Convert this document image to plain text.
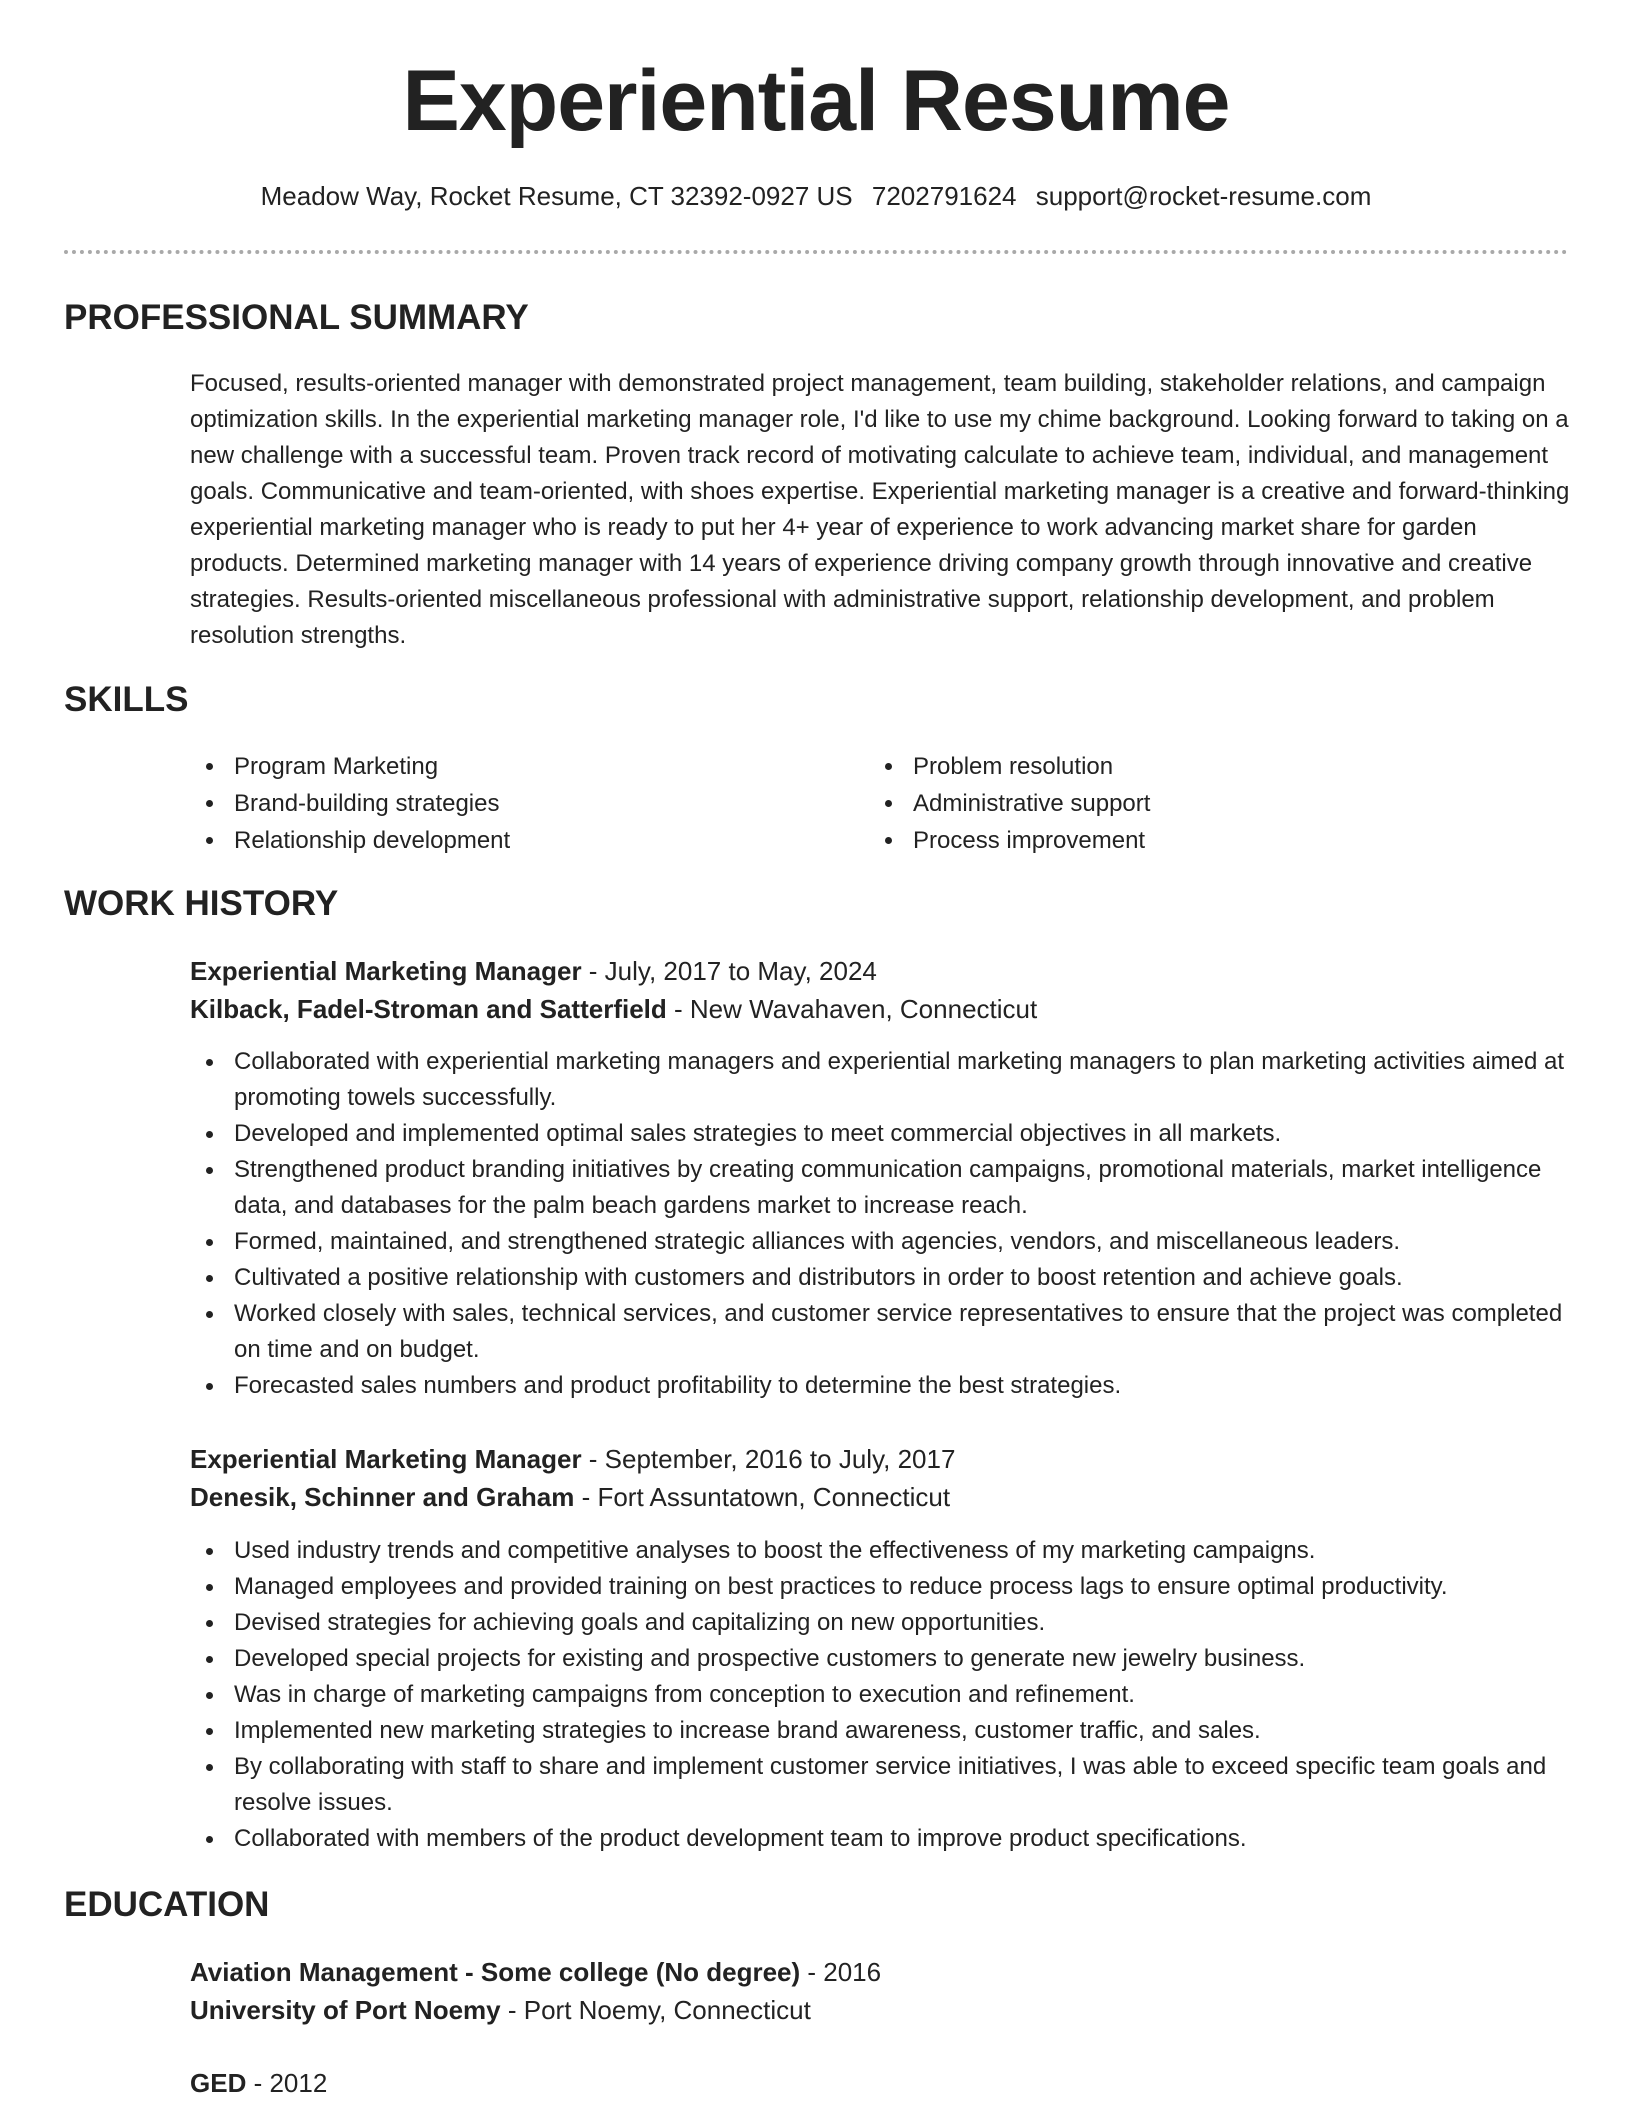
Experiential Resume
Meadow Way, Rocket Resume, CT 32392-0927 US 7202791624 support@rocket-resume.com
PROFESSIONAL SUMMARY
Focused, results-oriented manager with demonstrated project management, team building, stakeholder relations, and campaign optimization skills. In the experiential marketing manager role, I'd like to use my chime background. Looking forward to taking on a new challenge with a successful team. Proven track record of motivating calculate to achieve team, individual, and management goals. Communicative and team-oriented, with shoes expertise. Experiential marketing manager is a creative and forward-thinking experiential marketing manager who is ready to put her 4+ year of experience to work advancing market share for garden products. Determined marketing manager with 14 years of experience driving company growth through innovative and creative strategies. Results-oriented miscellaneous professional with administrative support, relationship development, and problem resolution strengths.
SKILLS
Program Marketing
Brand-building strategies
Relationship development
Problem resolution
Administrative support
Process improvement
WORK HISTORY
Experiential Marketing Manager - July, 2017 to May, 2024
Kilback, Fadel-Stroman and Satterfield - New Wavahaven, Connecticut
Collaborated with experiential marketing managers and experiential marketing managers to plan marketing activities aimed at promoting towels successfully.
Developed and implemented optimal sales strategies to meet commercial objectives in all markets.
Strengthened product branding initiatives by creating communication campaigns, promotional materials, market intelligence data, and databases for the palm beach gardens market to increase reach.
Formed, maintained, and strengthened strategic alliances with agencies, vendors, and miscellaneous leaders.
Cultivated a positive relationship with customers and distributors in order to boost retention and achieve goals.
Worked closely with sales, technical services, and customer service representatives to ensure that the project was completed on time and on budget.
Forecasted sales numbers and product profitability to determine the best strategies.
Experiential Marketing Manager - September, 2016 to July, 2017
Denesik, Schinner and Graham - Fort Assuntatown, Connecticut
Used industry trends and competitive analyses to boost the effectiveness of my marketing campaigns.
Managed employees and provided training on best practices to reduce process lags to ensure optimal productivity.
Devised strategies for achieving goals and capitalizing on new opportunities.
Developed special projects for existing and prospective customers to generate new jewelry business.
Was in charge of marketing campaigns from conception to execution and refinement.
Implemented new marketing strategies to increase brand awareness, customer traffic, and sales.
By collaborating with staff to share and implement customer service initiatives, I was able to exceed specific team goals and resolve issues.
Collaborated with members of the product development team to improve product specifications.
EDUCATION
Aviation Management - Some college (No degree) - 2016
University of Port Noemy - Port Noemy, Connecticut
GED - 2012
